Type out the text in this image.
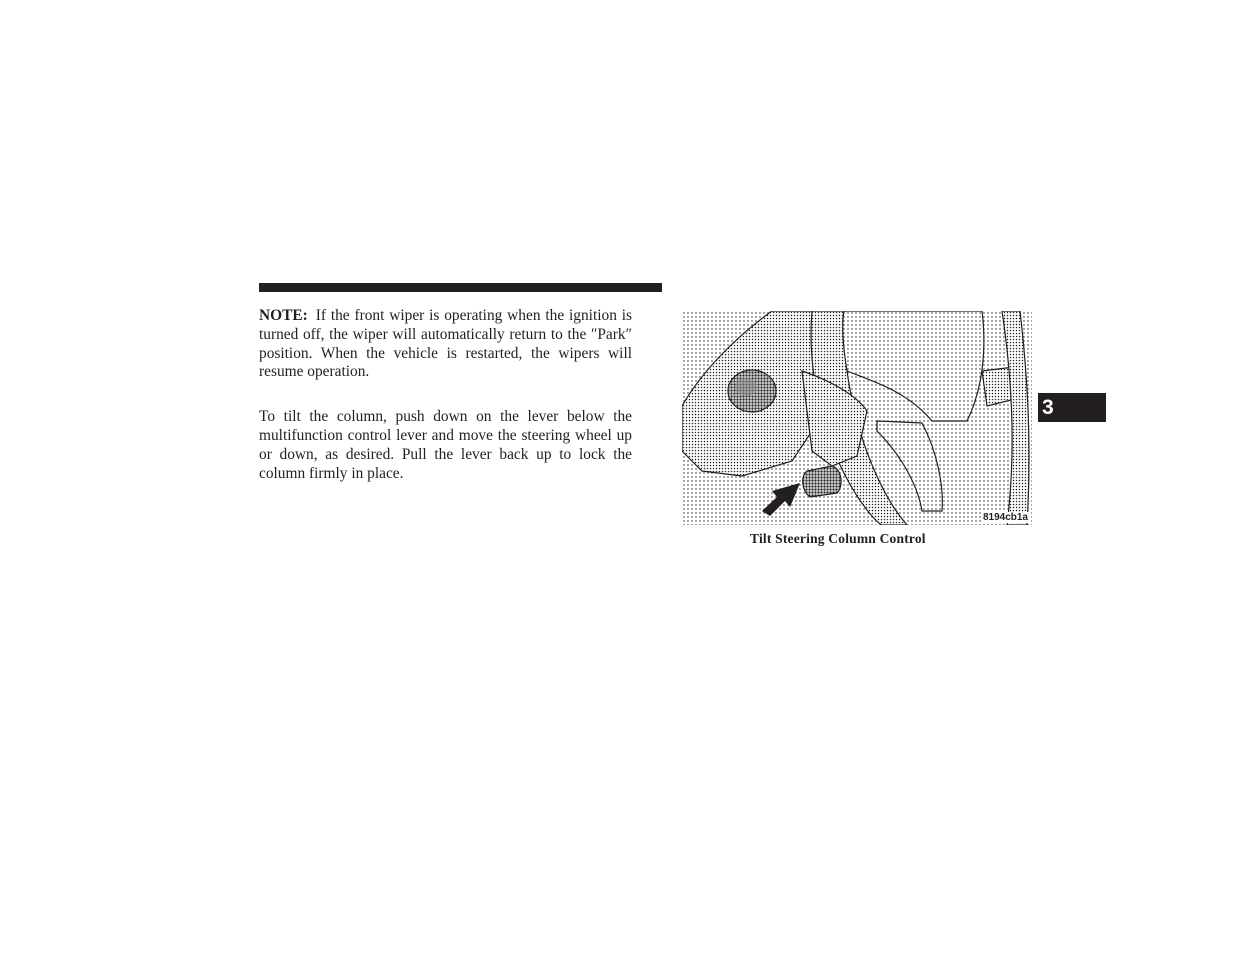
NOTE: If the front wiper is operating when the ignition is turned off, the wiper will automatically return to the ″Park″ position. When the vehicle is restarted, the wipers will resume operation.

To tilt the column, push down on the lever below the multifunction control lever and move the steering wheel up or down, as desired. Pull the lever back up to lock the column firmly in place.

8194cb1a
Tilt Steering Column Control
3
